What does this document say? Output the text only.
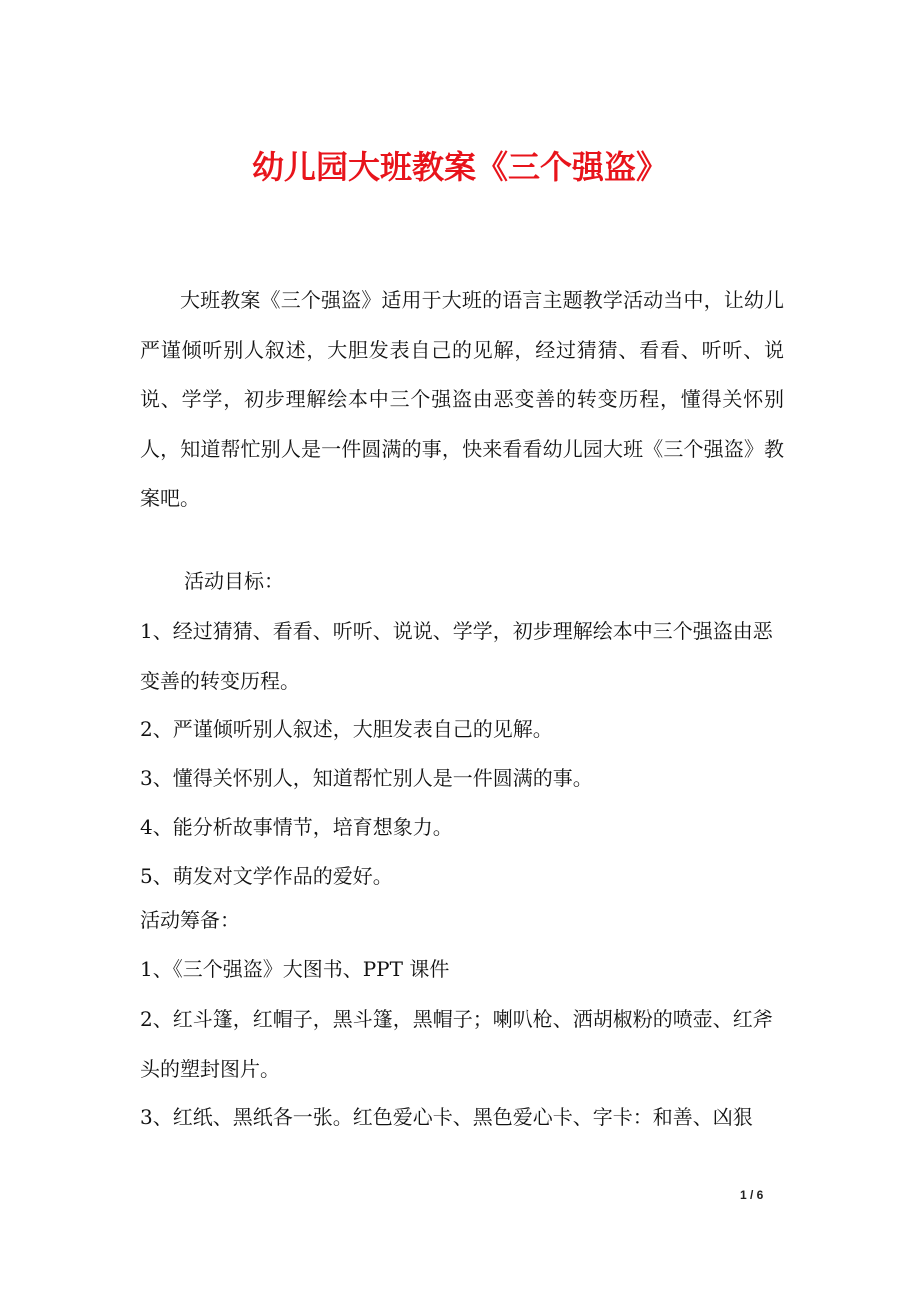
幼儿园大班教案《三个强盗》

大班教案《三个强盗》适用于大班的语言主题教学活动当中，让幼儿严谨倾听别人叙述，大胆发表自己的见解，经过猜猜、看看、听听、说说、学学，初步理解绘本中三个强盗由恶变善的转变历程，懂得关怀别人，知道帮忙别人是一件圆满的事，快来看看幼儿园大班《三个强盗》教案吧。

活动目标：

1、经过猜猜、看看、听听、说说、学学，初步理解绘本中三个强盗由恶变善的转变历程。

2、严谨倾听别人叙述，大胆发表自己的见解。

3、懂得关怀别人，知道帮忙别人是一件圆满的事。

4、能分析故事情节，培育想象力。

5、萌发对文学作品的爱好。

活动筹备：

1、《三个强盗》大图书、PPT 课件

2、红斗篷，红帽子，黑斗篷，黑帽子；喇叭枪、洒胡椒粉的喷壶、红斧头的塑封图片。

3、红纸、黑纸各一张。红色爱心卡、黑色爱心卡、字卡：和善、凶狠

1 / 6
